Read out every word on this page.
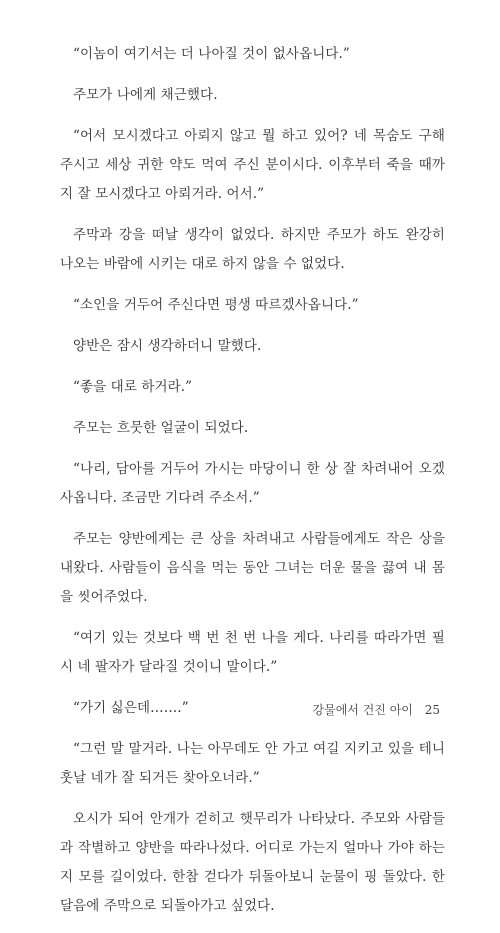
“이놈이 여기서는 더 나아질 것이 없사옵니다.”

주모가 나에게 채근했다.

“어서 모시겠다고 아뢰지 않고 뭘 하고 있어? 네 목숨도 구해 주시고 세상 귀한 약도 먹여 주신 분이시다. 이후부터 죽을 때까지 잘 모시겠다고 아뢰거라. 어서.”

주막과 강을 떠날 생각이 없었다. 하지만 주모가 하도 완강히 나오는 바람에 시키는 대로 하지 않을 수 없었다.

“소인을 거두어 주신다면 평생 따르겠사옵니다.”

양반은 잠시 생각하더니 말했다.

“좋을 대로 하거라.”

주모는 흐뭇한 얼굴이 되었다.

“나리, 담아를 거두어 가시는 마당이니 한 상 잘 차려내어 오겠사옵니다. 조금만 기다려 주소서.”

주모는 양반에게는 큰 상을 차려내고 사람들에게도 작은 상을 내왔다. 사람들이 음식을 먹는 동안 그녀는 더운 물을 끓여 내 몸을 씻어주었다.

“여기 있는 것보다 백 번 천 번 나을 게다. 나리를 따라가면 필시 네 팔자가 달라질 것이니 말이다.”

“가기 싫은데…….”

“그런 말 말거라. 나는 아무데도 안 가고 여길 지키고 있을 테니 훗날 네가 잘 되거든 찾아오너라.”

오시가 되어 안개가 걷히고 햇무리가 나타났다. 주모와 사람들과 작별하고 양반을 따라나섰다. 어디로 가는지 얼마나 가야 하는지 모를 길이었다. 한참 걷다가 뒤돌아보니 눈물이 핑 돌았다. 한달음에 주막으로 되돌아가고 싶었다.

강물에서 건진 아이 25
